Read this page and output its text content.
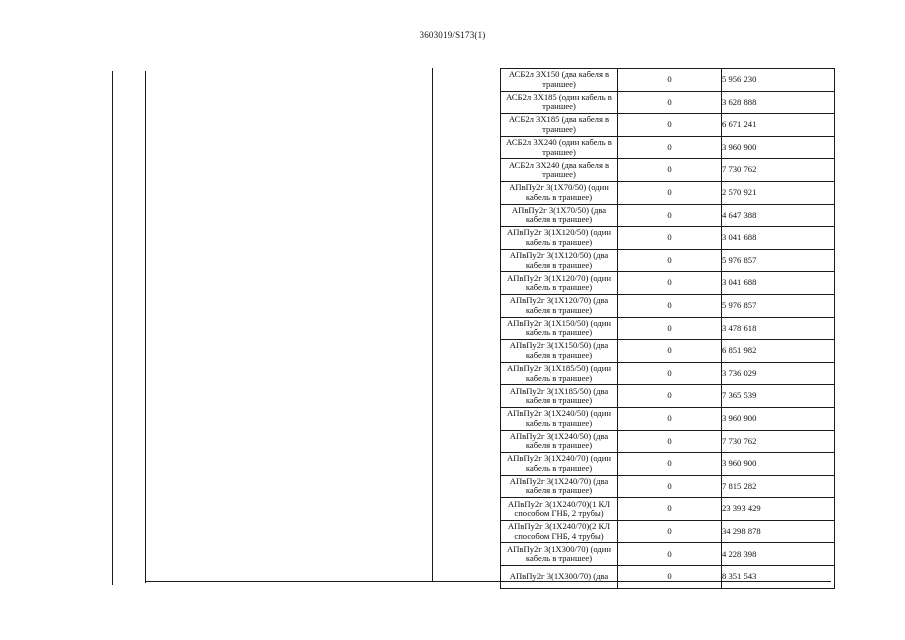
3603019/S173(1)
АСБ2л 3Х150 (два кабеля в траншее)	0	5 956 230
АСБ2л 3Х185 (один кабель в траншее)	0	3 628 888
АСБ2л 3Х185 (два кабеля в траншее)	0	6 671 241
АСБ2л 3Х240 (один кабель в траншее)	0	3 960 900
АСБ2л 3Х240 (два кабеля в траншее)	0	7 730 762
АПвПу2г 3(1Х70/50) (один кабель в траншее)	0	2 570 921
АПвПу2г 3(1Х70/50) (два кабеля в траншее)	0	4 647 388
АПвПу2г 3(1Х120/50) (один кабель в траншее)	0	3 041 688
АПвПу2г 3(1Х120/50) (два кабеля в траншее)	0	5 976 857
АПвПу2г 3(1Х120/70) (один кабель в траншее)	0	3 041 688
АПвПу2г 3(1Х120/70) (два кабеля в траншее)	0	5 976 857
АПвПу2г 3(1Х150/50) (один кабель в траншее)	0	3 478 618
АПвПу2г 3(1Х150/50) (два кабеля в траншее)	0	6 851 982
АПвПу2г 3(1Х185/50) (один кабель в траншее)	0	3 736 029
АПвПу2г 3(1Х185/50) (два кабеля в траншее)	0	7 365 539
АПвПу2г 3(1Х240/50) (один кабель в траншее)	0	3 960 900
АПвПу2г 3(1Х240/50) (два кабеля в траншее)	0	7 730 762
АПвПу2г 3(1Х240/70) (один кабель в траншее)	0	3 960 900
АПвПу2г 3(1Х240/70) (два кабеля в траншее)	0	7 815 282
АПвПу2г 3(1Х240/70)(1 КЛ способом ГНБ, 2 трубы)	0	23 393 429
АПвПу2г 3(1Х240/70)(2 КЛ способом ГНБ, 4 трубы)	0	34 298 878
АПвПу2г 3(1Х300/70) (один кабель в траншее)	0	4 228 398
АПвПу2г 3(1Х300/70) (два	0	8 351 543
